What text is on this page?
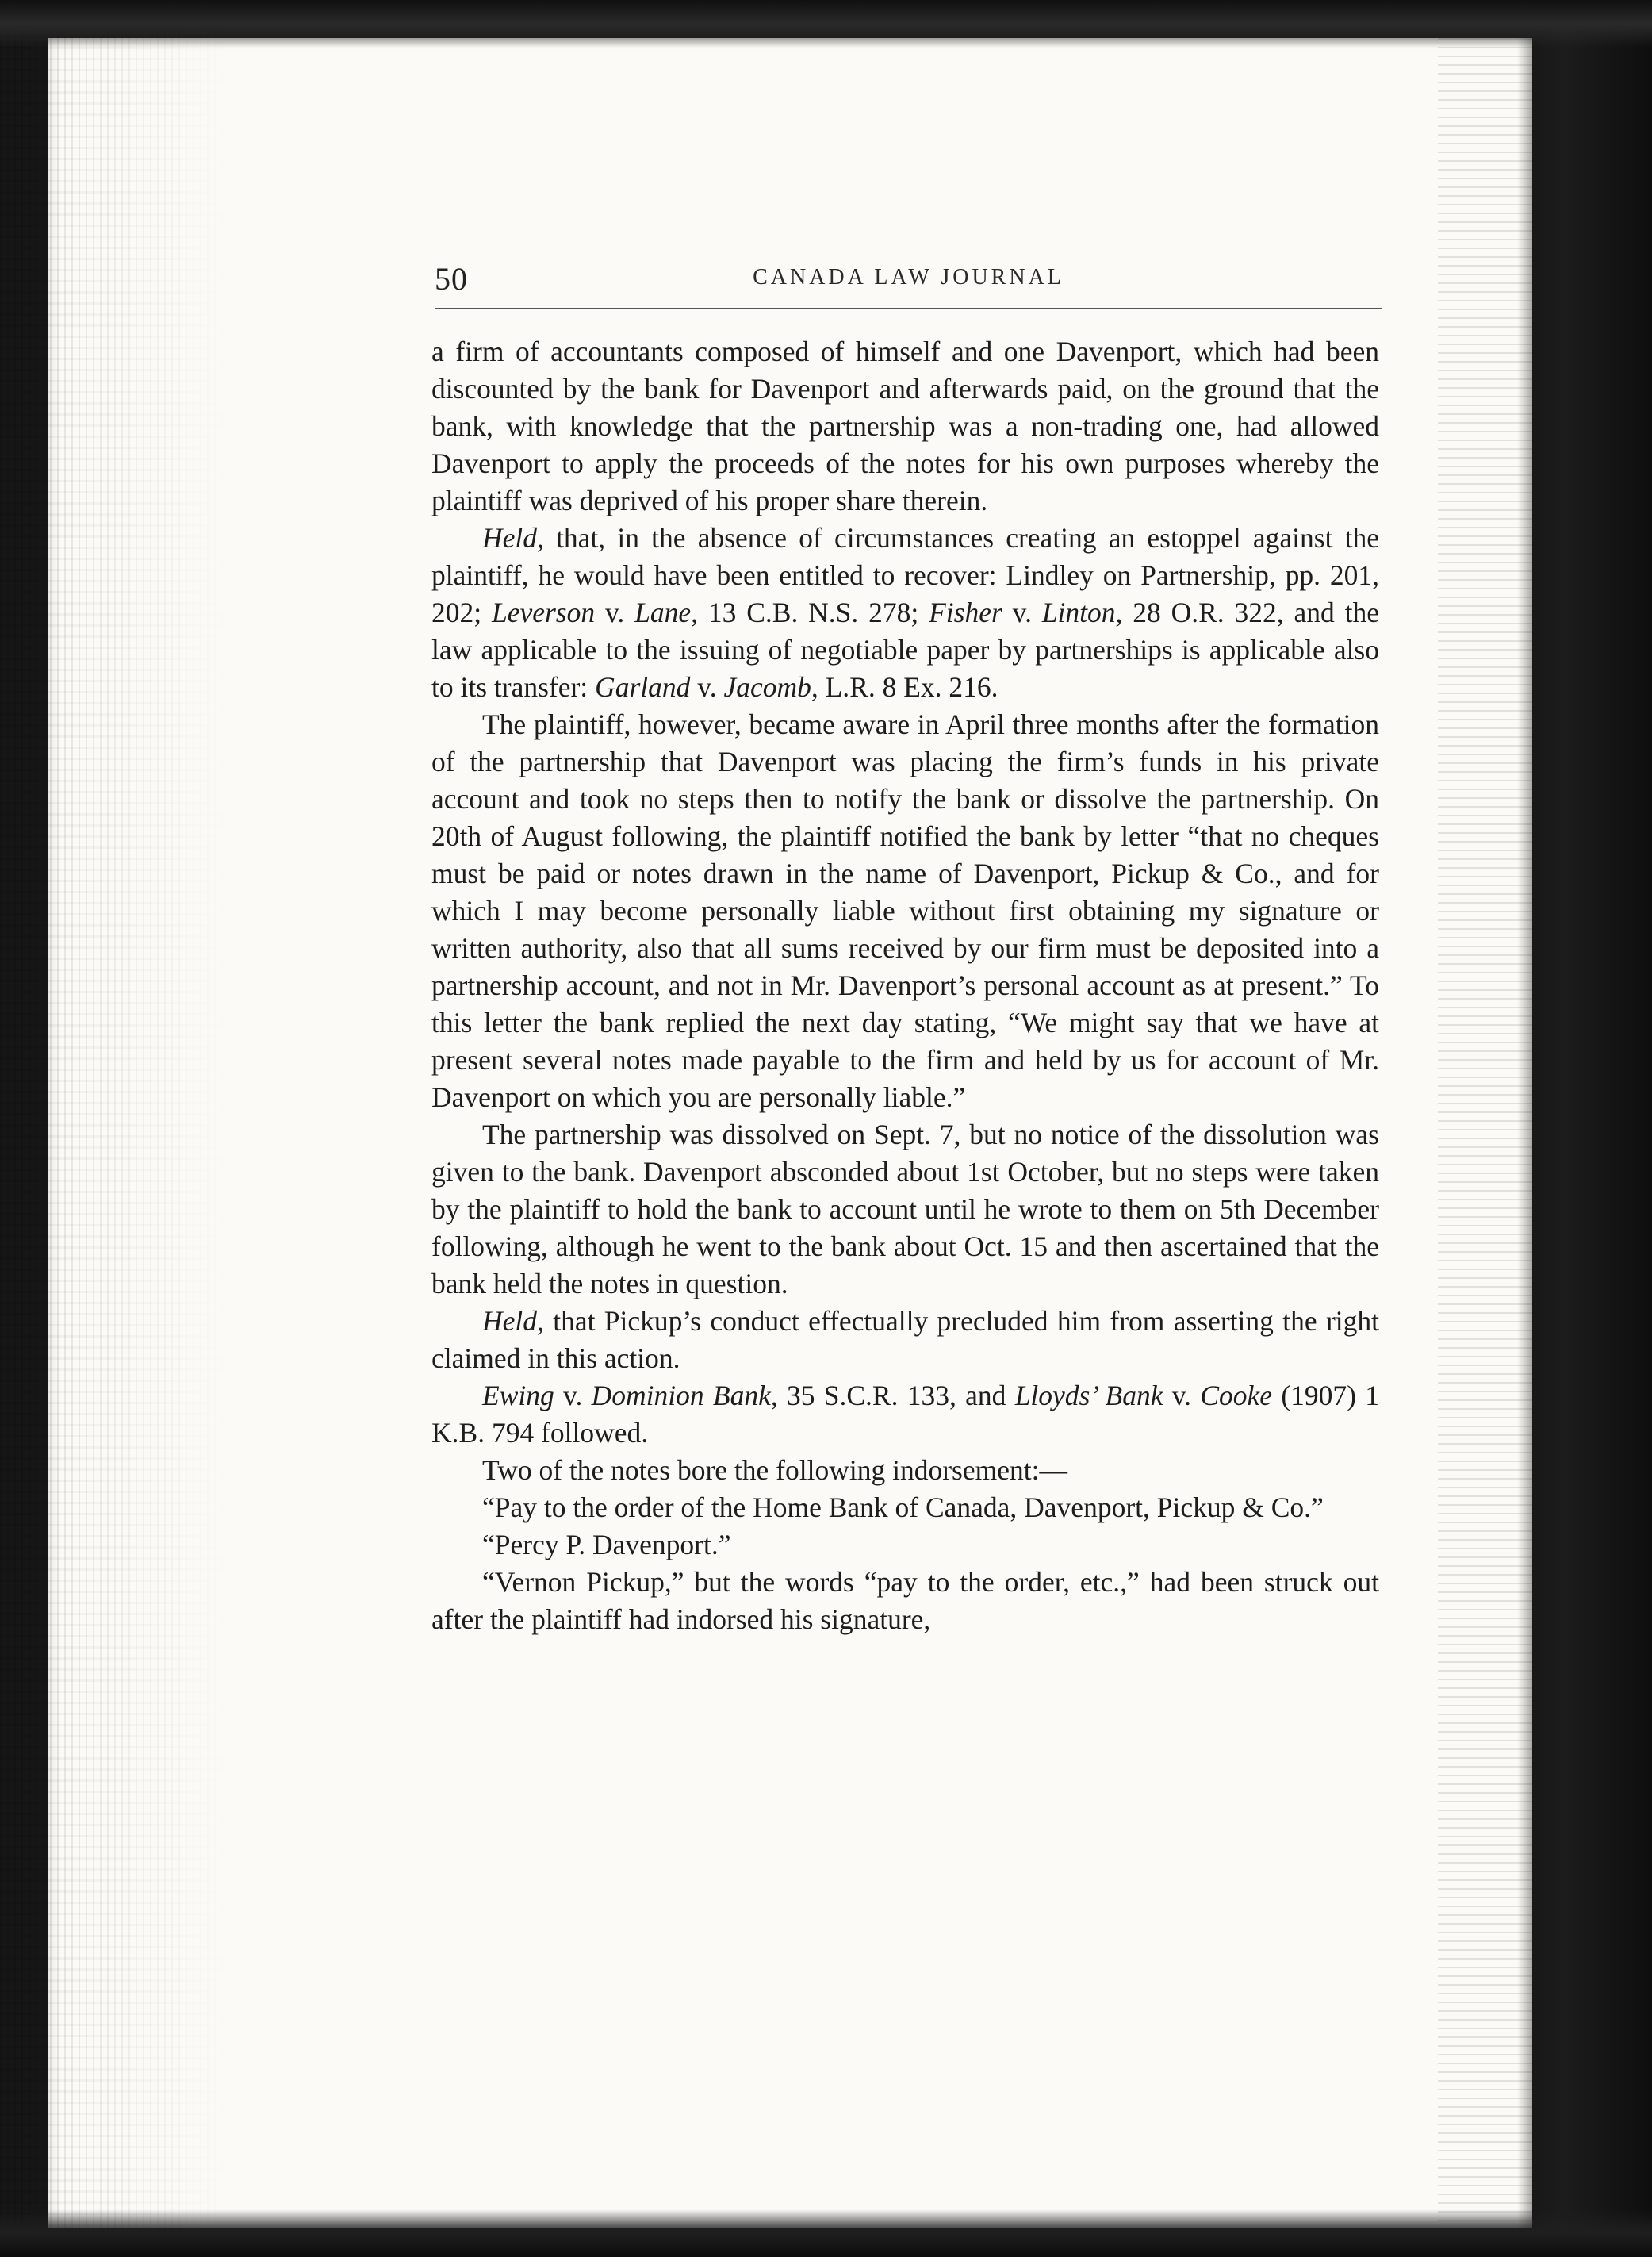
50	CANADA LAW JOURNAL

a firm of accountants composed of himself and one Davenport, which had been discounted by the bank for Davenport and afterwards paid, on the ground that the bank, with knowledge that the partnership was a non-trading one, had allowed Davenport to apply the proceeds of the notes for his own purposes whereby the plaintiff was deprived of his proper share therein.

Held, that, in the absence of circumstances creating an estoppel against the plaintiff, he would have been entitled to recover: Lindley on Partnership, pp. 201, 202; Leverson v. Lane, 13 C.B. N.S. 278; Fisher v. Linton, 28 O.R. 322, and the law applicable to the issuing of negotiable paper by partnerships is applicable also to its transfer: Garland v. Jacomb, L.R. 8 Ex. 216.

The plaintiff, however, became aware in April three months after the formation of the partnership that Davenport was placing the firm’s funds in his private account and took no steps then to notify the bank or dissolve the partnership. On 20th of August following, the plaintiff notified the bank by letter “that no cheques must be paid or notes drawn in the name of Davenport, Pickup & Co., and for which I may become personally liable without first obtaining my signature or written authority, also that all sums received by our firm must be deposited into a partnership account, and not in Mr. Davenport’s personal account as at present.” To this letter the bank replied the next day stating, “We might say that we have at present several notes made payable to the firm and held by us for account of Mr. Davenport on which you are personally liable.”

The partnership was dissolved on Sept. 7, but no notice of the dissolution was given to the bank. Davenport absconded about 1st October, but no steps were taken by the plaintiff to hold the bank to account until he wrote to them on 5th December following, although he went to the bank about Oct. 15 and then ascertained that the bank held the notes in question.

Held, that Pickup’s conduct effectually precluded him from asserting the right claimed in this action.

Ewing v. Dominion Bank, 35 S.C.R. 133, and Lloyds’ Bank v. Cooke (1907) 1 K.B. 794 followed.

Two of the notes bore the following indorsement:—

“Pay to the order of the Home Bank of Canada, Davenport, Pickup & Co.”

“Percy P. Davenport.”

“Vernon Pickup,” but the words “pay to the order, etc.,” had been struck out after the plaintiff had indorsed his signature,
